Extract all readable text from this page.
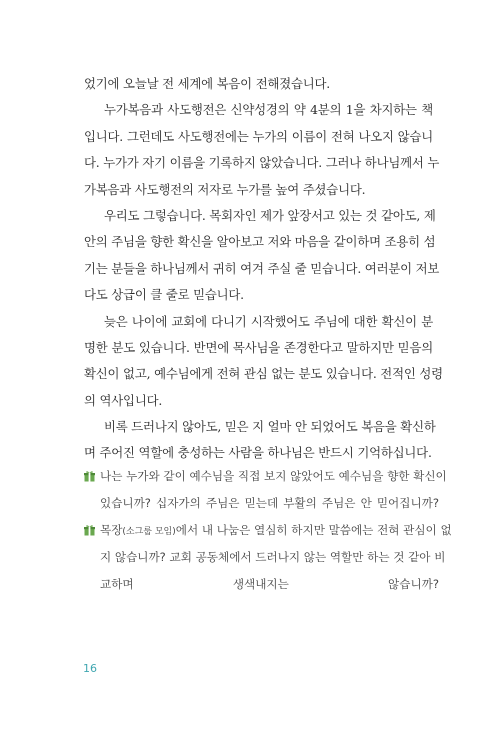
었기에 오늘날 전 세계에 복음이 전해졌습니다.
누가복음과 사도행전은 신약성경의 약 4분의 1을 차지하는 책
입니다. 그런데도 사도행전에는 누가의 이름이 전혀 나오지 않습니
다. 누가가 자기 이름을 기록하지 않았습니다. 그러나 하나님께서 누
가복음과 사도행전의 저자로 누가를 높여 주셨습니다.
우리도 그렇습니다. 목회자인 제가 앞장서고 있는 것 같아도, 제
안의 주님을 향한 확신을 알아보고 저와 마음을 같이하며 조용히 섬
기는 분들을 하나님께서 귀히 여겨 주실 줄 믿습니다. 여러분이 저보
다도 상급이 클 줄로 믿습니다.
늦은 나이에 교회에 다니기 시작했어도 주님에 대한 확신이 분
명한 분도 있습니다. 반면에 목사님을 존경한다고 말하지만 믿음의
확신이 없고, 예수님에게 전혀 관심 없는 분도 있습니다. 전적인 성령
의 역사입니다.
비록 드러나지 않아도, 믿은 지 얼마 안 되었어도 복음을 확신하
며 주어진 역할에 충성하는 사람을 하나님은 반드시 기억하십니다.
나는 누가와 같이 예수님을 직접 보지 않았어도 예수님을 향한 확신이
있습니까? 십자가의 주님은 믿는데 부활의 주님은 안 믿어집니까?
목장(소그룹 모임)에서 내 나눔은 열심히 하지만 말씀에는 전혀 관심이 없
지 않습니까? 교회 공동체에서 드러나지 않는 역할만 하는 것 같아 비
교하며 생색내지는 않습니까?
16
